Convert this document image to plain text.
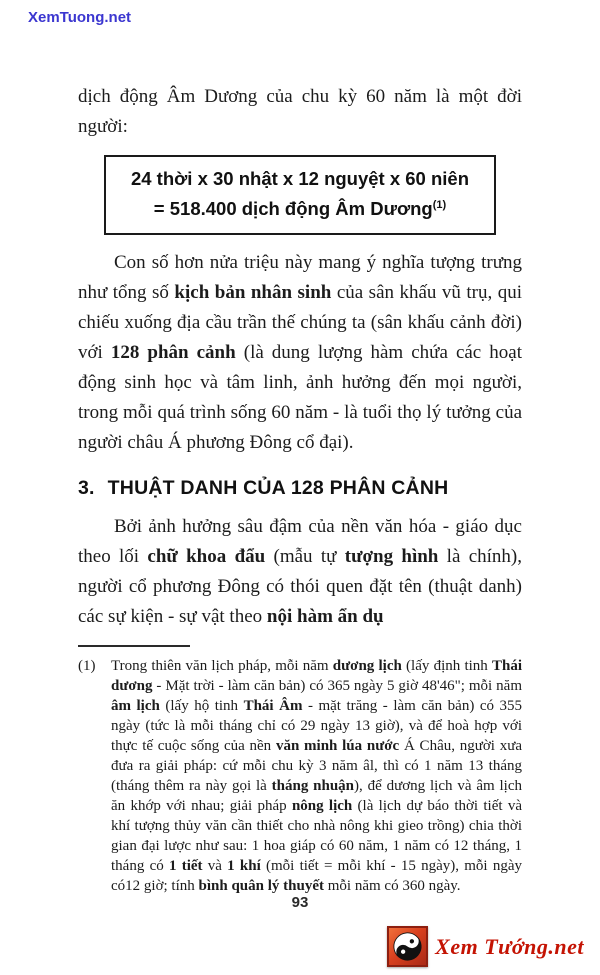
XemTuong.net

dịch động Âm Dương của chu kỳ 60 năm là một đời người:

24 thời x 30 nhật x 12 nguyệt x 60 niên
= 518.400 dịch động Âm Dương$^{(1)}$

Con số hơn nửa triệu này mang ý nghĩa tượng trưng như tổng số kịch bản nhân sinh của sân khấu vũ trụ, qui chiếu xuống địa cầu trần thế chúng ta (sân khấu cảnh đời) với 128 phân cảnh (là dung lượng hàm chứa các hoạt động sinh học và tâm linh, ảnh hưởng đến mọi người, trong mỗi quá trình sống 60 năm - là tuổi thọ lý tưởng của người châu Á phương Đông cổ đại).

3. THUẬT DANH CỦA 128 PHÂN CẢNH

Bởi ảnh hưởng sâu đậm của nền văn hóa - giáo dục theo lối chữ khoa đẩu (mẫu tự tượng hình là chính), người cổ phương Đông có thói quen đặt tên (thuật danh) các sự kiện - sự vật theo nội hàm ẩn dụ

(1) Trong thiên văn lịch pháp, mỗi năm dương lịch (lấy định tinh Thái dương - Mặt trời - làm căn bản) có 365 ngày 5 giờ 48'46"; mỗi năm âm lịch (lấy hộ tinh Thái Âm - mặt trăng - làm căn bản) có 355 ngày (tức là mỗi tháng chỉ có 29 ngày 13 giờ), và để hoà hợp với thực tế cuộc sống của nền văn minh lúa nước Á Châu, người xưa đưa ra giải pháp: cứ mỗi chu kỳ 3 năm âl, thì có 1 năm 13 tháng (tháng thêm ra này gọi là tháng nhuận), để dương lịch và âm lịch ăn khớp với nhau; giải pháp nông lịch (là lịch dự báo thời tiết và khí tượng thủy văn cần thiết cho nhà nông khi gieo trồng) chia thời gian đại lược như sau: 1 hoa giáp có 60 năm, 1 năm có 12 tháng, 1 tháng có 1 tiết và 1 khí (mỗi tiết = mỗi khí - 15 ngày), mỗi ngày có12 giờ; tính bình quân lý thuyết mỗi năm có 360 ngày.

93
Xem Tướng.net
